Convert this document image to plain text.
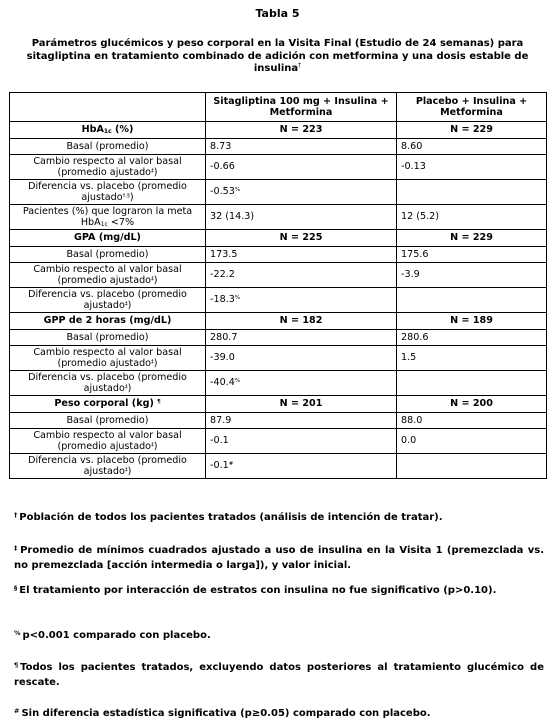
Tabla 5
Parámetros glucémicos y peso corporal en la Visita Final (Estudio de 24 semanas) para sitagliptina en tratamiento combinado de adición con metformina y una dosis estable de insulina†
	Sitagliptina 100 mg + Insulina + Metformina	Placebo + Insulina + Metformina
HbA1c (%)	N = 223	N = 229
Basal (promedio)	8.73	8.60
Cambio respecto al valor basal (promedio ajustado‡)	-0.66	-0.13
Diferencia vs. placebo (promedio ajustado†,§)	-0.53%	
Pacientes (%) que lograron la meta HbA1c <7%	32 (14.3)	12 (5.2)
GPA (mg/dL)	N = 225	N = 229
Basal (promedio)	173.5	175.6
Cambio respecto al valor basal (promedio ajustado‡)	-22.2	-3.9
Diferencia vs. placebo (promedio ajustado‡)	-18.3%	
GPP de 2 horas (mg/dL)	N = 182	N = 189
Basal (promedio)	280.7	280.6
Cambio respecto al valor basal (promedio ajustado‡)	-39.0	1.5
Diferencia vs. placebo (promedio ajustado‡)	-40.4%	
Peso corporal (kg) ¶	N = 201	N = 200
Basal (promedio)	87.9	88.0
Cambio respecto al valor basal (promedio ajustado‡)	-0.1	0.0
Diferencia vs. placebo (promedio ajustado‡)	-0.1#	
† Población de todos los pacientes tratados (análisis de intención de tratar).
‡ Promedio de mínimos cuadrados ajustado a uso de insulina en la Visita 1 (premezclada vs. no premezclada [acción intermedia o larga]), y valor inicial.
§ El tratamiento por interacción de estratos con insulina no fue significativo (p>0.10).
% p<0.001 comparado con placebo.
¶ Todos los pacientes tratados, excluyendo datos posteriores al tratamiento glucémico de rescate.
# Sin diferencia estadística significativa (p≥0.05) comparado con placebo.
